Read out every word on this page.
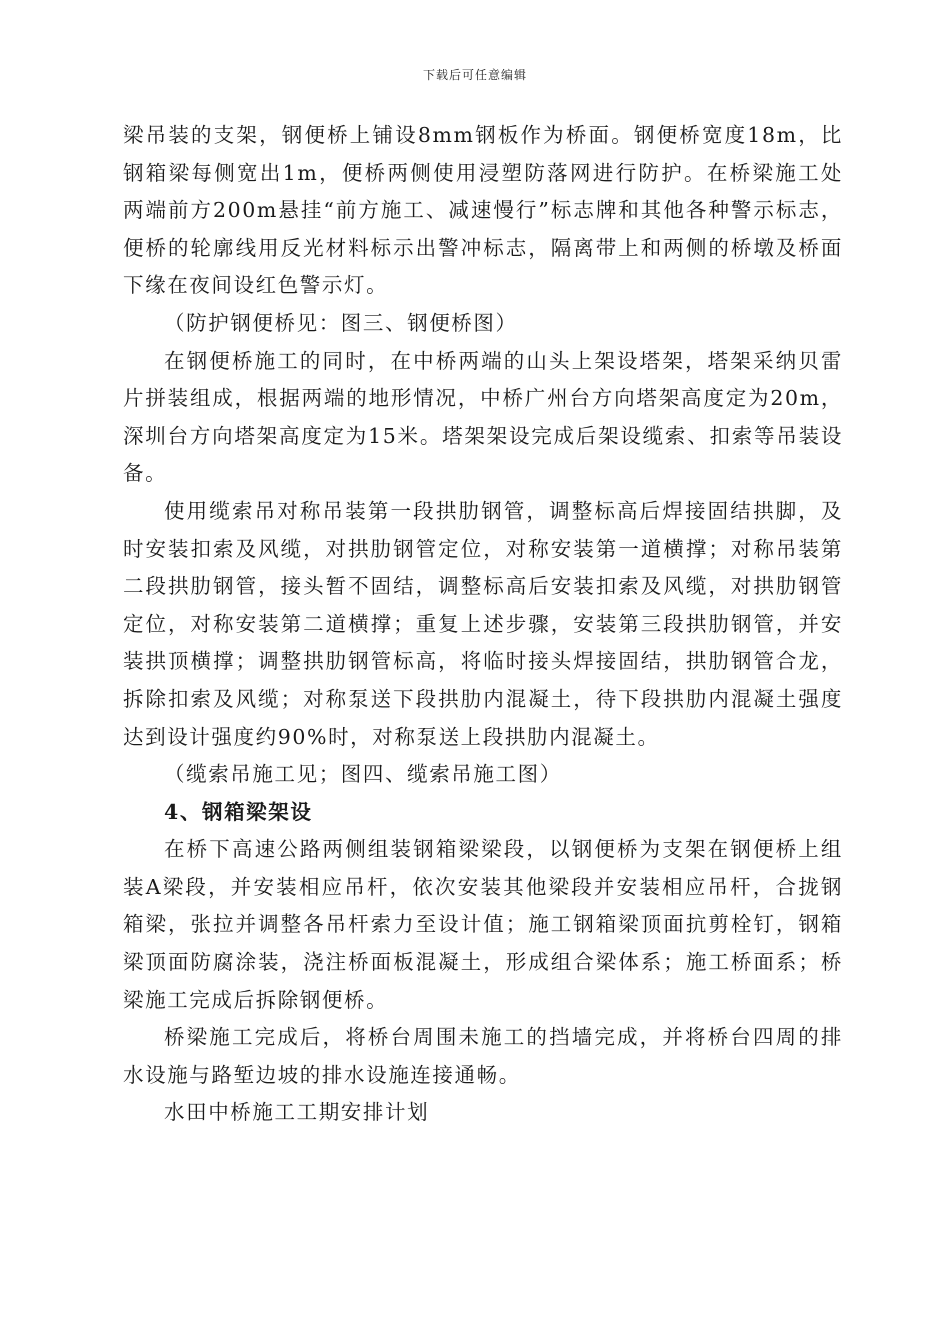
下载后可任意编辑

梁吊装的支架，钢便桥上铺设8mm钢板作为桥面。钢便桥宽度18m，比钢箱梁每侧宽出1m，便桥两侧使用浸塑防落网进行防护。在桥梁施工处两端前方200m悬挂“前方施工、减速慢行”标志牌和其他各种警示标志，便桥的轮廓线用反光材料标示出警冲标志，隔离带上和两侧的桥墩及桥面下缘在夜间设红色警示灯。

（防护钢便桥见：图三、钢便桥图）

在钢便桥施工的同时，在中桥两端的山头上架设塔架，塔架采纳贝雷片拼装组成，根据两端的地形情况，中桥广州台方向塔架高度定为20m，深圳台方向塔架高度定为15米。塔架架设完成后架设缆索、扣索等吊装设备。

使用缆索吊对称吊装第一段拱肋钢管，调整标高后焊接固结拱脚，及时安装扣索及风缆，对拱肋钢管定位，对称安装第一道横撑；对称吊装第二段拱肋钢管，接头暂不固结，调整标高后安装扣索及风缆，对拱肋钢管定位，对称安装第二道横撑；重复上述步骤，安装第三段拱肋钢管，并安装拱顶横撑；调整拱肋钢管标高，将临时接头焊接固结，拱肋钢管合龙，拆除扣索及风缆；对称泵送下段拱肋内混凝土，待下段拱肋内混凝土强度达到设计强度约90%时，对称泵送上段拱肋内混凝土。

（缆索吊施工见；图四、缆索吊施工图）

4、钢箱梁架设

在桥下高速公路两侧组装钢箱梁梁段，以钢便桥为支架在钢便桥上组装A梁段，并安装相应吊杆，依次安装其他梁段并安装相应吊杆，合拢钢箱梁，张拉并调整各吊杆索力至设计值；施工钢箱梁顶面抗剪栓钉，钢箱梁顶面防腐涂装，浇注桥面板混凝土，形成组合梁体系；施工桥面系；桥梁施工完成后拆除钢便桥。

桥梁施工完成后，将桥台周围未施工的挡墙完成，并将桥台四周的排水设施与路堑边坡的排水设施连接通畅。

水田中桥施工工期安排计划
